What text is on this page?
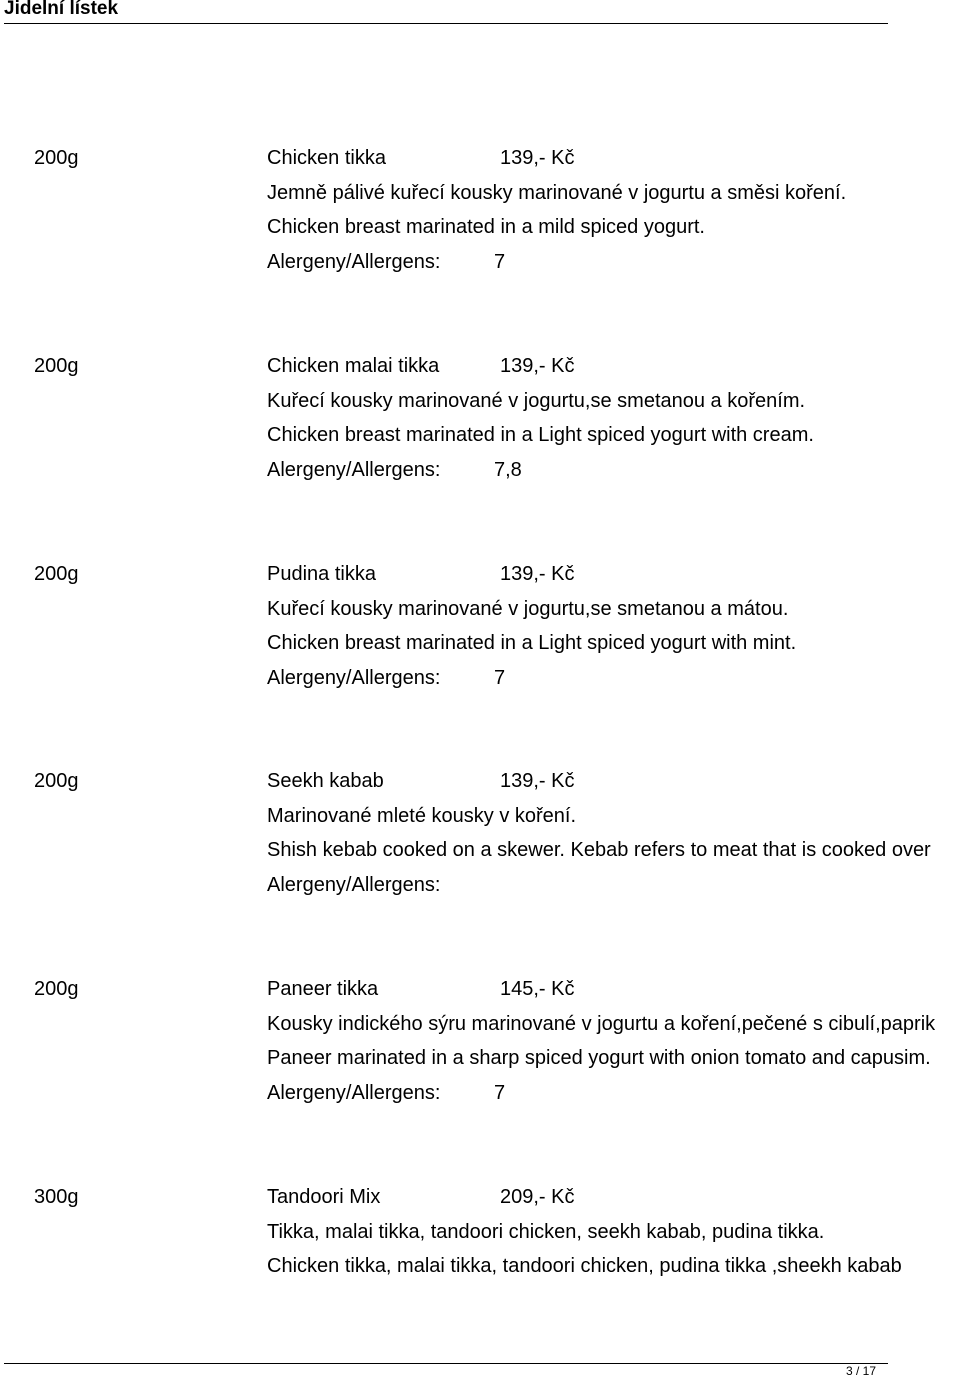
Jidelní lístek
200g	Chicken tikka	139,- Kč
Jemně pálivé kuřecí kousky marinované v jogurtu a směsi koření.
Chicken breast marinated in a mild spiced yogurt.
Alergeny/Allergens:	7
200g	Chicken malai tikka	139,- Kč
Kuřecí kousky marinované v jogurtu,se smetanou a kořením.
Chicken breast marinated in a Light spiced yogurt with cream.
Alergeny/Allergens:	7,8
200g	Pudina tikka	139,- Kč
Kuřecí kousky marinované v jogurtu,se smetanou a mátou.
Chicken breast marinated in a Light spiced yogurt with mint.
Alergeny/Allergens:	7
200g	Seekh kabab	139,- Kč
Marinované mleté kousky v koření.
Shish kebab cooked on a skewer. Kebab refers to meat that is cooked over
Alergeny/Allergens:
200g	Paneer tikka	145,- Kč
Kousky indického sýru marinované v jogurtu a koření,pečené s cibulí,paprik
Paneer marinated in a sharp spiced yogurt with onion tomato and capusim.
Alergeny/Allergens:	7
300g	Tandoori Mix	209,- Kč
Tikka, malai tikka, tandoori chicken, seekh kabab, pudina tikka.
Chicken tikka, malai tikka, tandoori chicken, pudina tikka ,sheekh kabab
3 / 17
